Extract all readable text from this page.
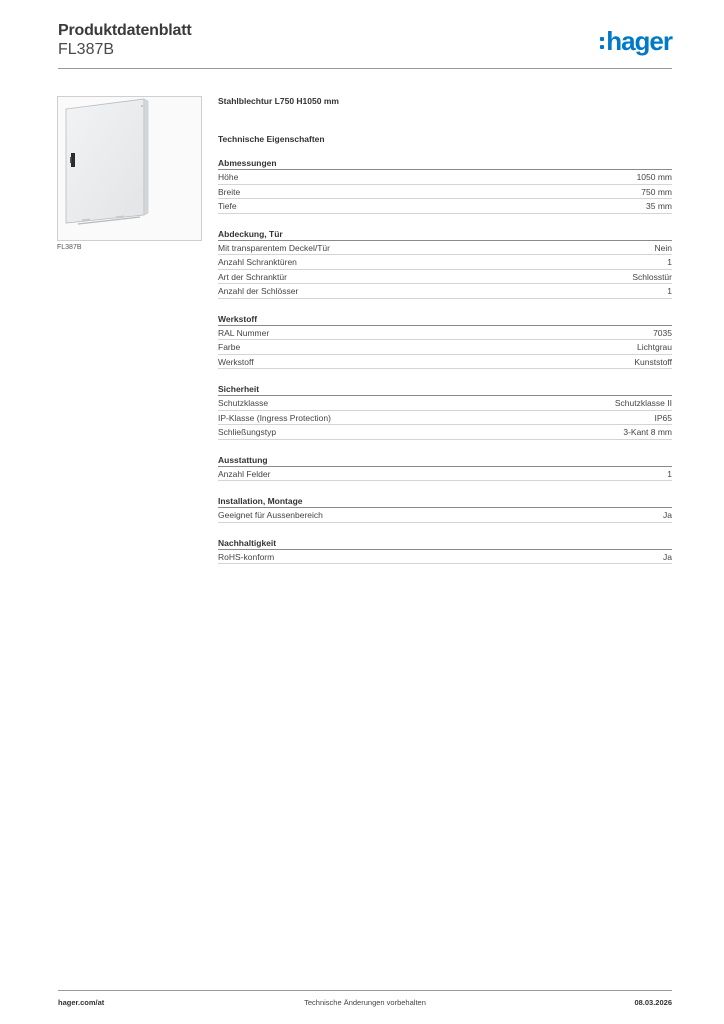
Produktdatenblatt
FL387B	hager
FL387B
Stahlblechtur L750 H1050 mm
Technische Eigenschaften
Abmessungen
Höhe	1050 mm
Breite	750 mm
Tiefe	35 mm
Abdeckung, Tür
Mit transparentem Deckel/Tür	Nein
Anzahl Schranktüren	1
Art der Schranktür	Schlosstür
Anzahl der Schlösser	1
Werkstoff
RAL Nummer	7035
Farbe	Lichtgrau
Werkstoff	Kunststoff
Sicherheit
Schutzklasse	Schutzklasse II
IP-Klasse (Ingress Protection)	IP65
Schließungstyp	3-Kant 8 mm
Ausstattung
Anzahl Felder	1
Installation, Montage
Geeignet für Aussenbereich	Ja
Nachhaltigkeit
RoHS-konform	Ja
hager.com/at	Technische Änderungen vorbehalten	08.03.2026
